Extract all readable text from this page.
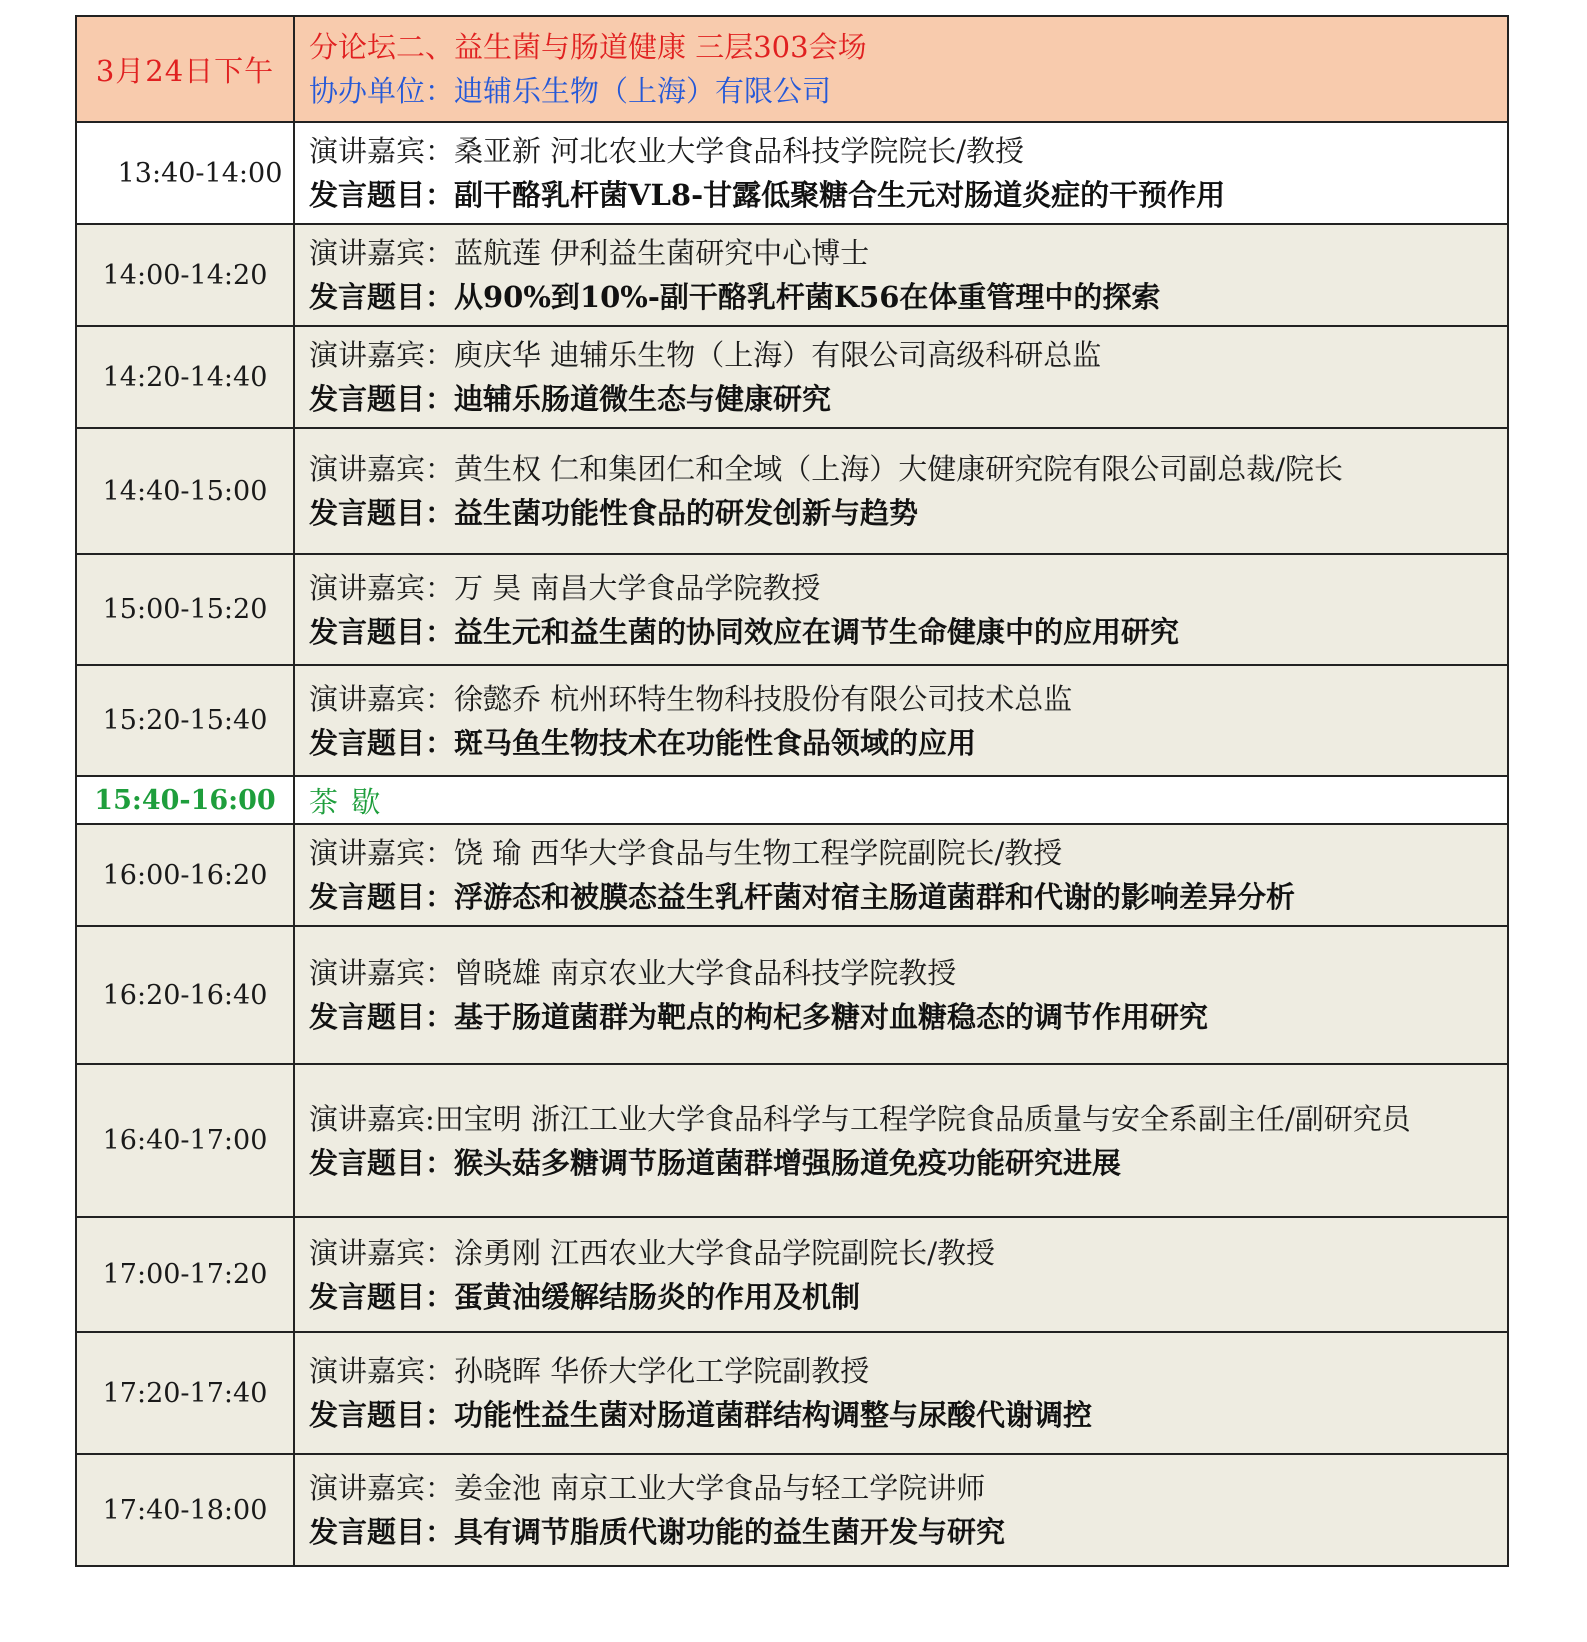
3月24日下午	分论坛二、益生菌与肠道健康 三层303会场
协办单位：迪辅乐生物（上海）有限公司

13:40-14:00	演讲嘉宾：桑亚新 河北农业大学食品科技学院院长/教授
发言题目：副干酪乳杆菌VL8-甘露低聚糖合生元对肠道炎症的干预作用

14:00-14:20	演讲嘉宾：蓝航莲 伊利益生菌研究中心博士
发言题目：从90%到10%-副干酪乳杆菌K56在体重管理中的探索

14:20-14:40	演讲嘉宾：庾庆华 迪辅乐生物（上海）有限公司高级科研总监
发言题目：迪辅乐肠道微生态与健康研究

14:40-15:00	演讲嘉宾：黄生权 仁和集团仁和全域（上海）大健康研究院有限公司副总裁/院长
发言题目：益生菌功能性食品的研发创新与趋势

15:00-15:20	演讲嘉宾：万 昊 南昌大学食品学院教授
发言题目：益生元和益生菌的协同效应在调节生命健康中的应用研究

15:20-15:40	演讲嘉宾：徐懿乔 杭州环特生物科技股份有限公司技术总监
发言题目：斑马鱼生物技术在功能性食品领域的应用

15:40-16:00	茶 歇
16:00-16:20	演讲嘉宾：饶 瑜 西华大学食品与生物工程学院副院长/教授
发言题目：浮游态和被膜态益生乳杆菌对宿主肠道菌群和代谢的影响差异分析

16:20-16:40	演讲嘉宾：曾晓雄 南京农业大学食品科技学院教授
发言题目：基于肠道菌群为靶点的枸杞多糖对血糖稳态的调节作用研究

16:40-17:00	演讲嘉宾:田宝明 浙江工业大学食品科学与工程学院食品质量与安全系副主任/副研究员
发言题目：猴头菇多糖调节肠道菌群增强肠道免疫功能研究进展

17:00-17:20	演讲嘉宾：涂勇刚 江西农业大学食品学院副院长/教授
发言题目：蛋黄油缓解结肠炎的作用及机制

17:20-17:40	演讲嘉宾：孙晓晖 华侨大学化工学院副教授
发言题目：功能性益生菌对肠道菌群结构调整与尿酸代谢调控

17:40-18:00	演讲嘉宾：姜金池 南京工业大学食品与轻工学院讲师
发言题目：具有调节脂质代谢功能的益生菌开发与研究
